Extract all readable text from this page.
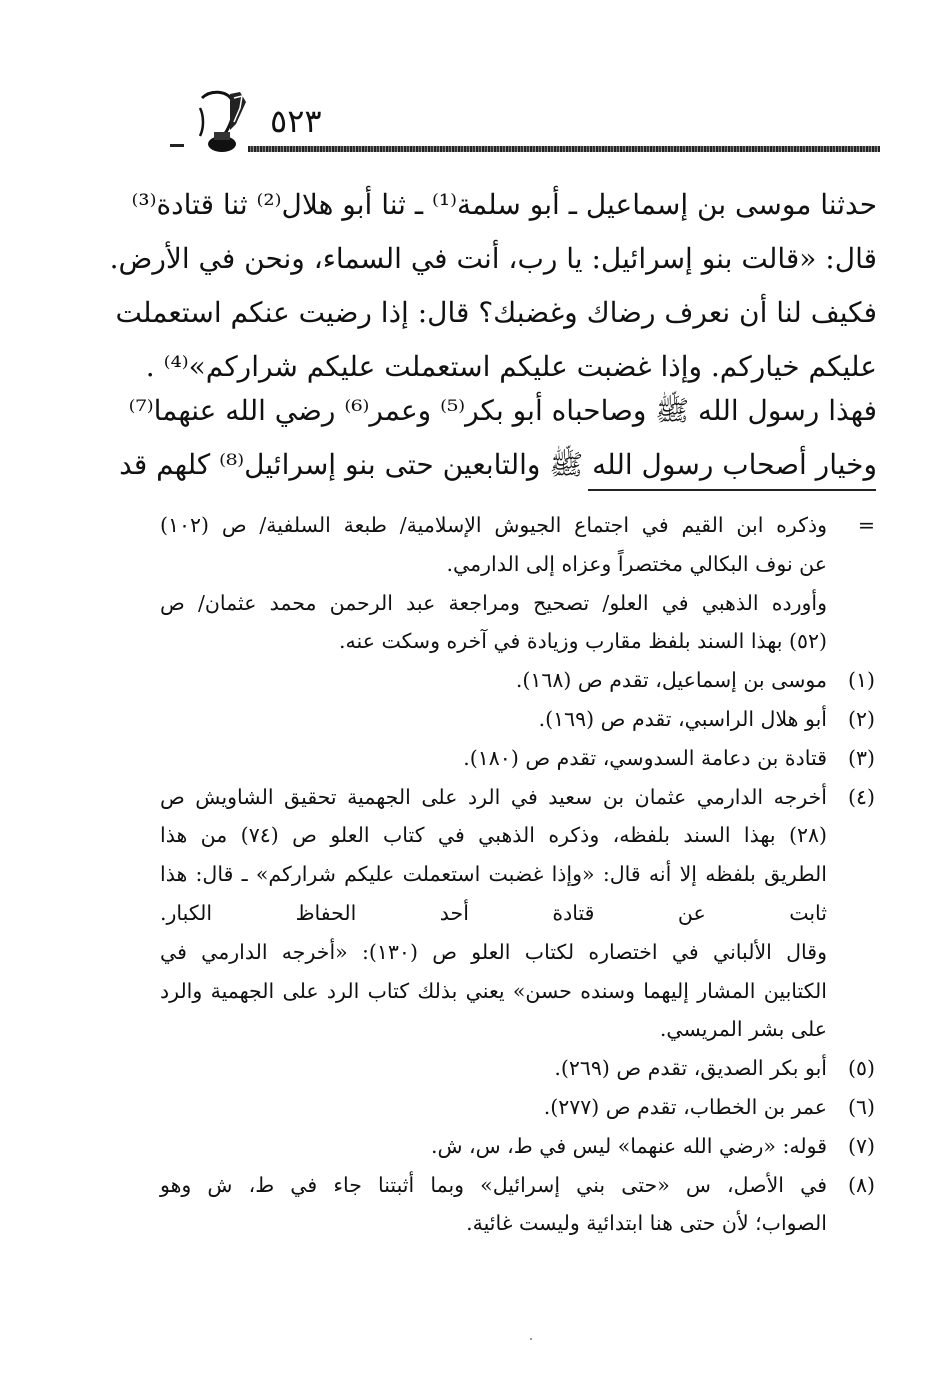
٥٢٣
حدثنا موسى بن إسماعيل ـ أبو سلمة⁽¹⁾ ـ ثنا أبو هلال⁽²⁾ ثنا قتادة⁽³⁾
قال: «قالت بنو إسرائيل: يا رب، أنت في السماء، ونحن في الأرض.
فكيف لنا أن نعرف رضاك وغضبك؟ قال: إذا رضيت عنكم استعملت
عليكم خياركم. وإذا غضبت عليكم استعملت عليكم شراركم»⁽⁴⁾ .
فهذا رسول الله ﷺ وصاحباه أبو بكر⁽⁵⁾ وعمر⁽⁶⁾ رضي الله عنهما⁽⁷⁾
وخيار أصحاب رسول الله ﷺ والتابعين حتى بنو إسرائيل⁽⁸⁾ كلهم قد
=
وذكره ابن القيم في اجتماع الجيوش الإسلامية/ طبعة السلفية/ ص (١٠٢)
عن نوف البكالي مختصراً وعزاه إلى الدارمي.
وأورده الذهبي في العلو/ تصحيح ومراجعة عبد الرحمن محمد عثمان/ ص
(٥٢) بهذا السند بلفظ مقارب وزيادة في آخره وسكت عنه.
(١)
موسى بن إسماعيل، تقدم ص (١٦٨).
(٢)
أبو هلال الراسبي، تقدم ص (١٦٩).
(٣)
قتادة بن دعامة السدوسي، تقدم ص (١٨٠).
(٤)
أخرجه الدارمي عثمان بن سعيد في الرد على الجهمية تحقيق الشاويش ص
(٢٨) بهذا السند بلفظه، وذكره الذهبي في كتاب العلو ص (٧٤) من هذا
الطريق بلفظه إلا أنه قال: «وإذا غضبت استعملت عليكم شراركم» ـ قال: هذا
ثابت عن قتادة أحد الحفاظ الكبار.
وقال الألباني في اختصاره لكتاب العلو ص (١٣٠): «أخرجه الدارمي في
الكتابين المشار إليهما وسنده حسن» يعني بذلك كتاب الرد على الجهمية والرد
على بشر المريسي.
(٥)
أبو بكر الصديق، تقدم ص (٢٦٩).
(٦)
عمر بن الخطاب، تقدم ص (٢٧٧).
(٧)
قوله: «رضي الله عنهما» ليس في ط، س، ش.
(٨)
في الأصل، س «حتى بني إسرائيل» وبما أثبتنا جاء في ط، ش وهو
الصواب؛ لأن حتى هنا ابتدائية وليست غائية.
